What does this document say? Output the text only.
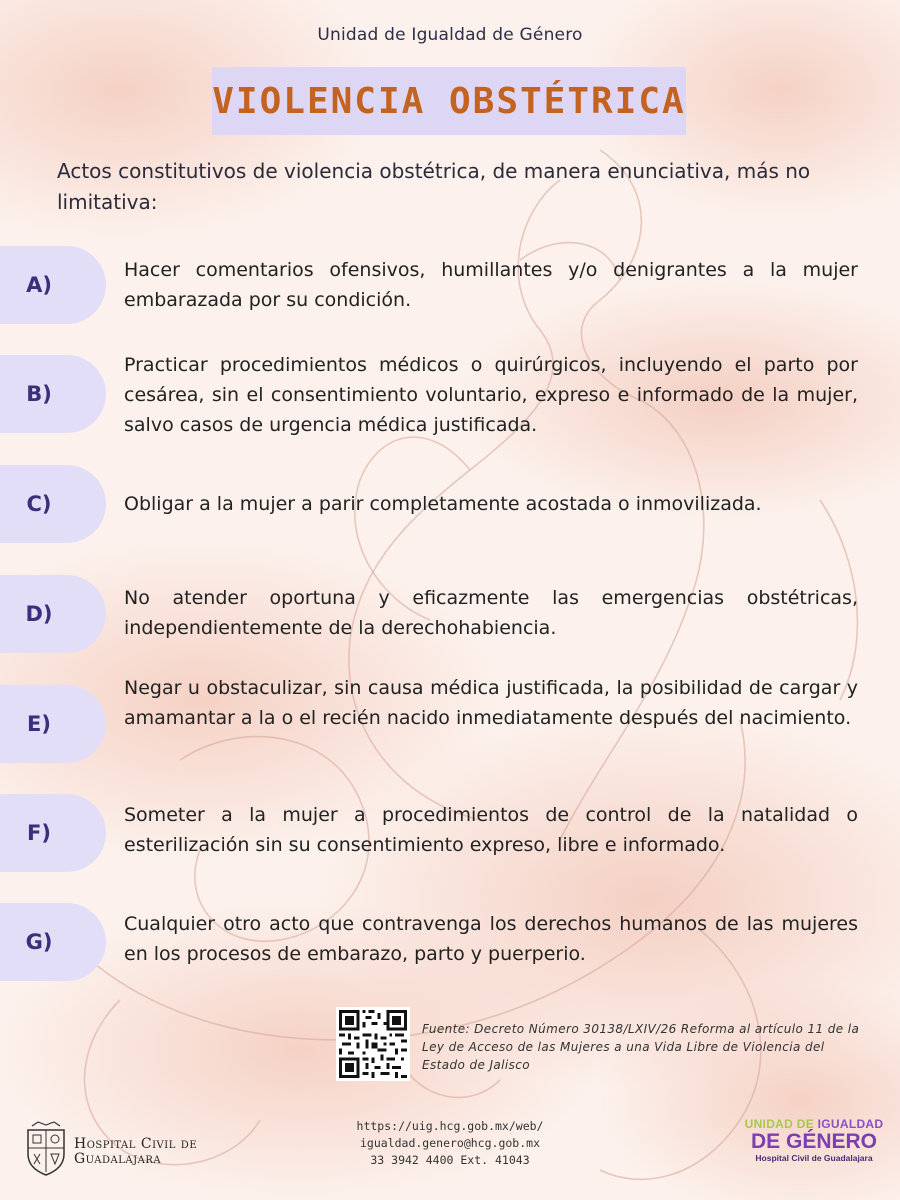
Unidad de Igualdad de Género
VIOLENCIA OBSTÉTRICA
Actos constitutivos de violencia obstétrica, de manera enunciativa, más no limitativa:
A)
Hacer comentarios ofensivos, humillantes y/o denigrantes a la mujer embarazada por su condición.
B)
Practicar procedimientos médicos o quirúrgicos, incluyendo el parto por cesárea, sin el consentimiento voluntario, expreso e informado de la mujer, salvo casos de urgencia médica justificada.
C)	Obligar a la mujer a parir completamente acostada o inmovilizada.
D)
No atender oportuna y eficazmente las emergencias obstétricas, independientemente de la derechohabiencia.
E)
Negar u obstaculizar, sin causa médica justificada, la posibilidad de cargar y amamantar a la o el recién nacido inmediatamente después del nacimiento.
F)
Someter a la mujer a procedimientos de control de la natalidad o esterilización sin su consentimiento expreso, libre e informado.
G)
Cualquier otro acto que contravenga los derechos humanos de las mujeres en los procesos de embarazo, parto y puerperio.
Fuente: Decreto Número 30138/LXIV/26 Reforma al artículo 11 de la Ley de Acceso de las Mujeres a una Vida Libre de Violencia del Estado de Jalisco
https://uig.hcg.gob.mx/web/
igualdad.genero@hcg.gob.mx
33 3942 4400 Ext. 41043
Hospital Civil de
Guadalajara
UNIDAD DE IGUALDAD
DE GÉNERO
Hospital Civil de Guadalajara
